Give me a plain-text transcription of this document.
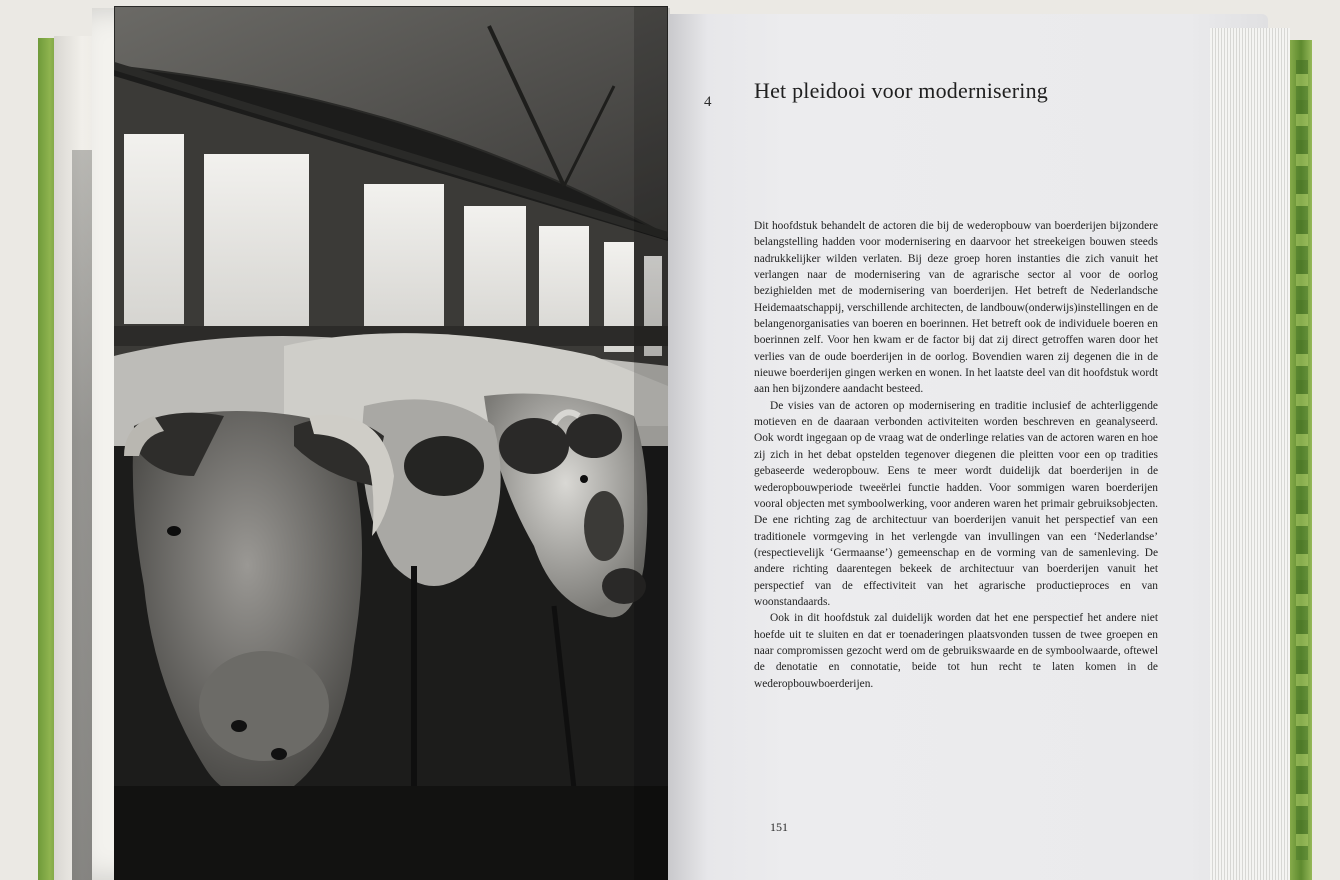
4 Het pleidooi voor modernisering

Dit hoofdstuk behandelt de actoren die bij de wederopbouw van boerderijen bijzondere belangstelling hadden voor modernisering en daarvoor het streekeigen bouwen steeds nadrukkelijker wilden verlaten. Bij deze groep horen instanties die zich vanuit het verlangen naar de modernisering van de agrarische sector al voor de oorlog bezighielden met de modernisering van boerderijen. Het betreft de Nederlandsche Heidemaatschappij, verschillende architecten, de landbouw(onderwijs)instellingen en de belangenorganisaties van boeren en boerinnen. Het betreft ook de individuele boeren en boerinnen zelf. Voor hen kwam er de factor bij dat zij direct getroffen waren door het verlies van de oude boerderijen in de oorlog. Bovendien waren zij degenen die in de nieuwe boerderijen gingen werken en wonen. In het laatste deel van dit hoofdstuk wordt aan hen bijzondere aandacht besteed.

De visies van de actoren op modernisering en traditie inclusief de achterliggende motieven en de daaraan verbonden activiteiten worden beschreven en geanalyseerd. Ook wordt ingegaan op de vraag wat de onderlinge relaties van de actoren waren en hoe zij zich in het debat opstelden tegenover diegenen die pleitten voor een op tradities gebaseerde wederopbouw. Eens te meer wordt duidelijk dat boerderijen in de wederopbouwperiode tweeërlei functie hadden. Voor sommigen waren boerderijen vooral objecten met symboolwerking, voor anderen waren het primair gebruiksobjecten. De ene richting zag de architectuur van boerderijen vanuit het perspectief van een traditionele vormgeving in het verlengde van invullingen van een ‘Nederlandse’ (respectievelijk ‘Germaanse’) gemeenschap en de vorming van de samenleving. De andere richting daarentegen bekeek de architectuur van boerderijen vanuit het perspectief van de effectiviteit van het agrarische productieproces en van woonstandaards.

Ook in dit hoofdstuk zal duidelijk worden dat het ene perspectief het andere niet hoefde uit te sluiten en dat er toenaderingen plaatsvonden tussen de twee groepen en naar compromissen gezocht werd om de gebruikswaarde en de symboolwaarde, oftewel de denotatie en connotatie, beide tot hun recht te laten komen in de wederopbouwboerderijen.

151
